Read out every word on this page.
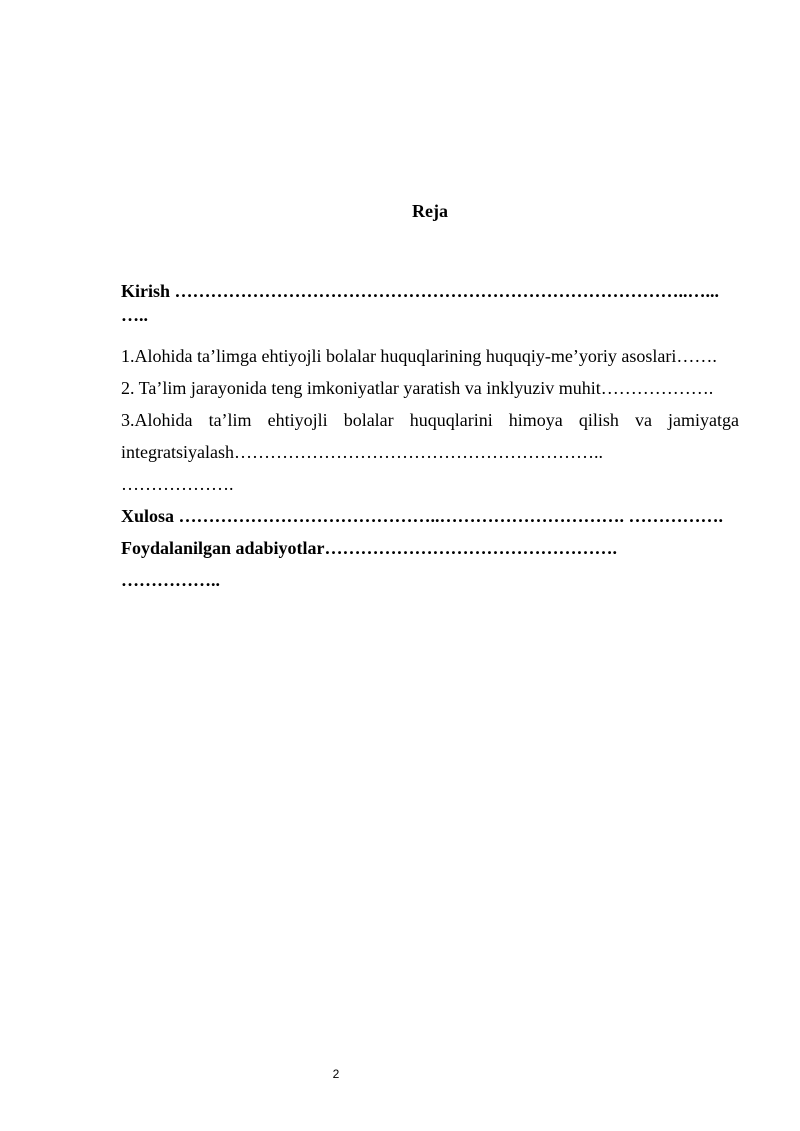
Reja
Kirish …………………………………………………………………………..…...
…..
1.Alohida ta’limga ehtiyojli bolalar huquqlarining huquqiy-me’yoriy asoslari…….
2. Ta’lim jarayonida teng imkoniyatlar yaratish va inklyuziv muhit……………….
3.Alohida ta’lim ehtiyojli bolalar huquqlarini himoya qilish va jamiyatga integratsiyalash……………………………………………………..
……………….
Xulosa ……………………………………..…………………………. …………….
Foydalanilgan adabiyotlar………………………………………….
……………..
2
